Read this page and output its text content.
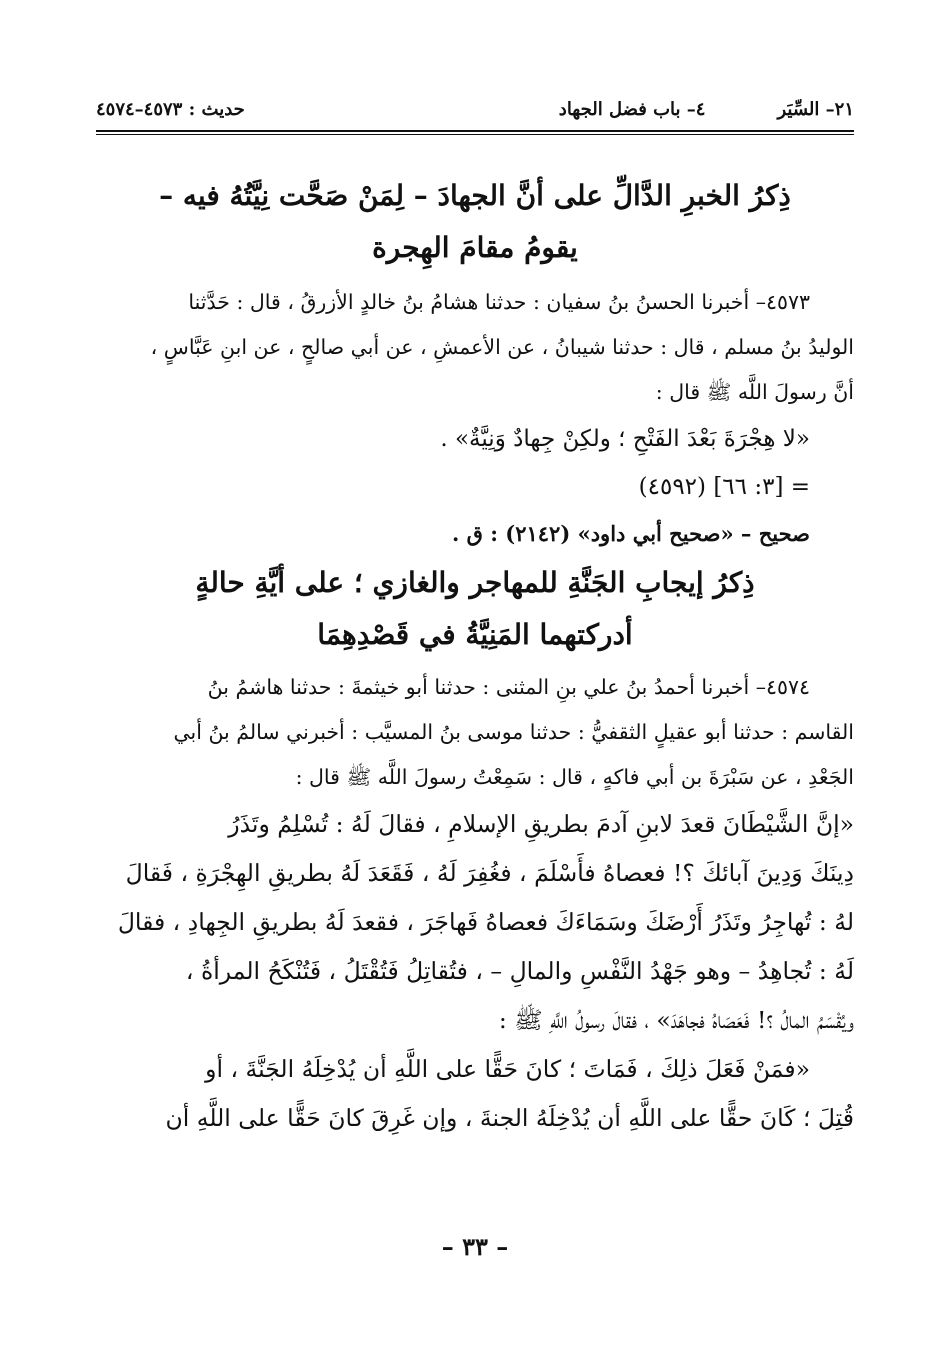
٢١– السِّيَر
٤– باب فضل الجهاد
حديث : ٤٥٧٣–٤٥٧٤
ذِكرُ الخبرِ الدَّالِّ على أنَّ الجهادَ – لِمَنْ صَحَّت نِيَّتُهُ فيه –
يقومُ مقامَ الهِجرة

٤٥٧٣– أخبرنا الحسنُ بنُ سفيان : حدثنا هشامُ بنُ خالدٍ الأزرقُ ، قال : حَدَّثنا

الوليدُ بنُ مسلم ، قال : حدثنا شيبانُ ، عن الأعمشِ ، عن أبي صالحٍ ، عن ابنِ عَبَّاسٍ ،

أنَّ رسولَ اللَّه ﷺ قال :

«لا هِجْرَةَ بَعْدَ الفَتْحِ ؛ ولكِنْ جِهادٌ وَنِيَّةٌ» .

= [٣: ٦٦] (٤٥٩٢)

صحيح – «صحيح أبي داود» (٢١٤٢) : ق .

ذِكرُ إيجابِ الجَنَّةِ للمهاجر والغازي ؛ على أيَّةِ حالةٍ
أدركتهما المَنِيَّةُ في قَصْدِهِمَا

٤٥٧٤– أخبرنا أحمدُ بنُ علي بنِ المثنى : حدثنا أبو خيثمةَ : حدثنا هاشمُ بنُ

القاسم : حدثنا أبو عقيلٍ الثقفيُّ : حدثنا موسى بنُ المسيَّب : أخبرني سالمُ بنُ أبي

الجَعْدِ ، عن سَبْرَةَ بن أبي فاكهٍ ، قال : سَمِعْتُ رسولَ اللَّه ﷺ قال :

«إنَّ الشَّيْطَانَ قعدَ لابنِ آدمَ بطريقِ الإسلامِ ، فقالَ لَهُ : تُسْلِمُ وتَذَرُ

دِينَكَ وَدِينَ آبائكَ ؟! فعصاهُ فأَسْلَمَ ، فغُفِرَ لَهُ ، فَقَعَدَ لَهُ بطريقِ الهِجْرَةِ ، فَقالَ

لهُ : تُهاجِرُ وتَذَرُ أَرْضَكَ وسَمَاءَكَ فعصاهُ فَهاجَرَ ، فقعدَ لَهُ بطريقِ الجِهادِ ، فقالَ

لَهُ : تُجاهِدُ – وهو جَهْدُ النَّفْسِ والمالِ – ، فتُقاتِلُ فَتُقْتَلُ ، فَتُنْكَحُ المرأةُ ،

ويُقْسَمُ المالُ ؟! فَعَصَاهُ فجاهَدَ» ، فقالَ رسولُ اللَّهِ ﷺ :

«فمَنْ فَعَلَ ذلِكَ ، فَمَاتَ ؛ كانَ حَقًّا على اللَّهِ أن يُدْخِلَهُ الجَنَّةَ ، أو

قُتِلَ ؛ كَانَ حقًّا على اللَّهِ أن يُدْخِلَهُ الجنةَ ، وإن غَرِقَ كانَ حَقًّا على اللَّهِ أن

– ٣٣ –
